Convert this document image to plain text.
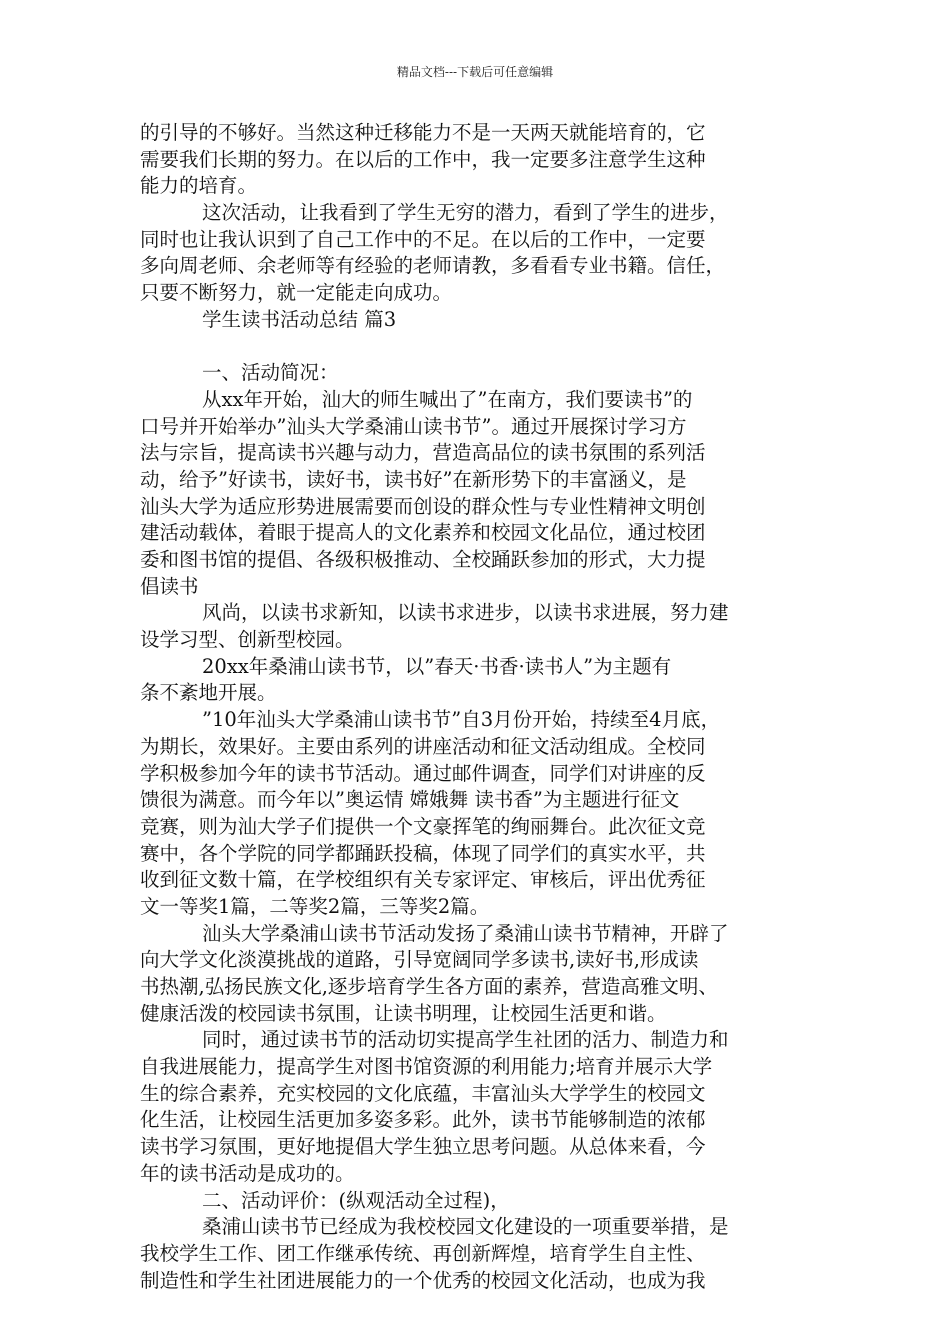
精品文档---下载后可任意编辑
的引导的不够好。当然这种迁移能力不是一天两天就能培育的，它
需要我们长期的努力。在以后的工作中，我一定要多注意学生这种
能力的培育。
这次活动，让我看到了学生无穷的潜力，看到了学生的进步，
同时也让我认识到了自己工作中的不足。在以后的工作中，一定要
多向周老师、余老师等有经验的老师请教，多看看专业书籍。信任，
只要不断努力，就一定能走向成功。
学生读书活动总结 篇3
一、活动简况：
从xx年开始，汕大的师生喊出了”在南方，我们要读书”的
口号并开始举办”汕头大学桑浦山读书节”。通过开展探讨学习方
法与宗旨，提高读书兴趣与动力，营造高品位的读书氛围的系列活
动，给予”好读书，读好书，读书好”在新形势下的丰富涵义，是
汕头大学为适应形势进展需要而创设的群众性与专业性精神文明创
建活动载体，着眼于提高人的文化素养和校园文化品位，通过校团
委和图书馆的提倡、各级积极推动、全校踊跃参加的形式，大力提
倡读书
风尚，以读书求新知，以读书求进步，以读书求进展，努力建
设学习型、创新型校园。
20xx年桑浦山读书节，以”春天·书香·读书人”为主题有
条不紊地开展。
”10年汕头大学桑浦山读书节”自3月份开始，持续至4月底，
为期长，效果好。主要由系列的讲座活动和征文活动组成。全校同
学积极参加今年的读书节活动。通过邮件调查，同学们对讲座的反
馈很为满意。而今年以”奥运情 嫦娥舞 读书香”为主题进行征文
竞赛，则为汕大学子们提供一个文豪挥笔的绚丽舞台。此次征文竞
赛中，各个学院的同学都踊跃投稿，体现了同学们的真实水平，共
收到征文数十篇，在学校组织有关专家评定、审核后，评出优秀征
文一等奖1篇，二等奖2篇，三等奖2篇。
汕头大学桑浦山读书节活动发扬了桑浦山读书节精神，开辟了
向大学文化淡漠挑战的道路，引导宽阔同学多读书,读好书,形成读
书热潮,弘扬民族文化,逐步培育学生各方面的素养，营造高雅文明、
健康活泼的校园读书氛围，让读书明理，让校园生活更和谐。
同时，通过读书节的活动切实提高学生社团的活力、制造力和
自我进展能力，提高学生对图书馆资源的利用能力;培育并展示大学
生的综合素养，充实校园的文化底蕴，丰富汕头大学学生的校园文
化生活，让校园生活更加多姿多彩。此外，读书节能够制造的浓郁
读书学习氛围，更好地提倡大学生独立思考问题。从总体来看，今
年的读书活动是成功的。
二、活动评价：(纵观活动全过程)，
桑浦山读书节已经成为我校校园文化建设的一项重要举措，是
我校学生工作、团工作继承传统、再创新辉煌，培育学生自主性、
制造性和学生社团进展能力的一个优秀的校园文化活动，也成为我
